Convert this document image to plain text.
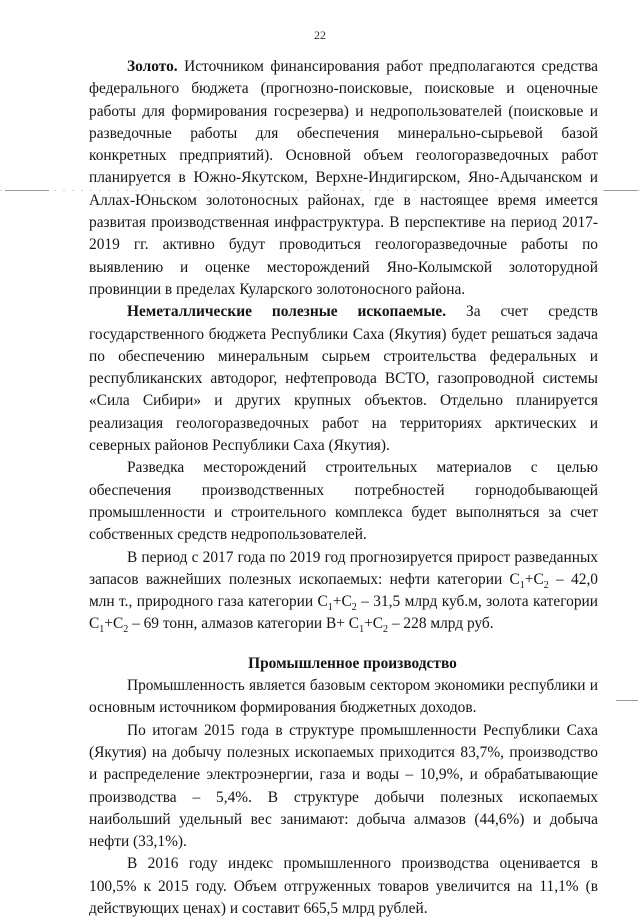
22

Золото. Источником финансирования работ предполагаются средства федерального бюджета (прогнозно-поисковые, поисковые и оценочные работы для формирования госрезерва) и недропользователей (поисковые и разведочные работы для обеспечения минерально-сырьевой базой конкретных предприятий). Основной объем геологоразведочных работ планируется в Южно-Якутском, Верхне-Индигирском, Яно-Адычанском и Аллах-Юньском золотоносных районах, где в настоящее время имеется развитая производственная инфраструктура. В перспективе на период 2017-2019 гг. активно будут проводиться геологоразведочные работы по выявлению и оценке месторождений Яно-Колымской золоторудной провинции в пределах Куларского золотоносного района.

Неметаллические полезные ископаемые. За счет средств государственного бюджета Республики Саха (Якутия) будет решаться задача по обеспечению минеральным сырьем строительства федеральных и республиканских автодорог, нефтепровода ВСТО, газопроводной системы «Сила Сибири» и других крупных объектов. Отдельно планируется реализация геологоразведочных работ на территориях арктических и северных районов Республики Саха (Якутия).

Разведка месторождений строительных материалов с целью обеспечения производственных потребностей горнодобывающей промышленности и строительного комплекса будет выполняться за счет собственных средств недропользователей.

В период с 2017 года по 2019 год прогнозируется прирост разведанных запасов важнейших полезных ископаемых: нефти категории $C_1+C_2 - 42,0$ млн т., природного газа категории $C_1+C_2 - 31,5$ млрд куб.м, золота категории $C_1+C_2 - 69$ тонн, алмазов категории $B+ C_1+C_2 - 228$ млрд руб.

Промышленное производство

Промышленность является базовым сектором экономики республики и основным источником формирования бюджетных доходов.

По итогам 2015 года в структуре промышленности Республики Саха (Якутия) на добычу полезных ископаемых приходится 83,7%, производство и распределение электроэнергии, газа и воды – 10,9%, и обрабатывающие производства – 5,4%. В структуре добычи полезных ископаемых наибольший удельный вес занимают: добыча алмазов (44,6%) и добыча нефти (33,1%).

В 2016 году индекс промышленного производства оценивается в 100,5% к 2015 году. Объем отгруженных товаров увеличится на 11,1% (в действующих ценах) и составит 665,5 млрд рублей.
